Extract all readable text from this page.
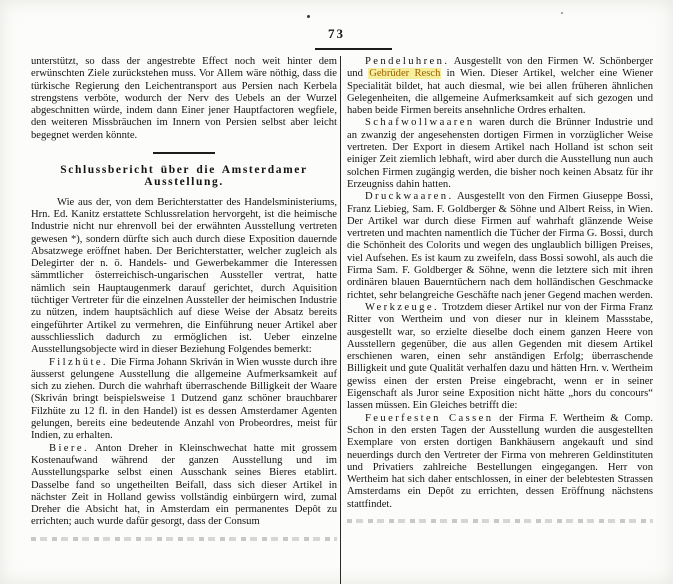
73

unterstützt, so dass der angestrebte Effect noch weit hinter dem erwünschten Ziele zurückstehen muss. Vor Allem wäre nöthig, dass die türkische Regierung den Leichentransport aus Persien nach Kerbela strengstens verböte, wodurch der Nerv des Uebels an der Wurzel abgeschnitten würde, indem dann Einer jener Hauptfactoren wegfiele, den weiteren Missbräuchen im Innern von Persien selbst aber leicht begegnet werden könnte.

Schlussbericht über die Amsterdamer Ausstellung.

Wie aus der, von dem Berichterstatter des Handelsministeriums, Hrn. Ed. Kanitz erstattete Schlussrelation hervorgeht, ist die heimische Industrie nicht nur ehrenvoll bei der erwähnten Ausstellung vertreten gewesen *), sondern dürfte sich auch durch diese Exposition dauernde Absatzwege eröffnet haben. Der Berichterstatter, welcher zugleich als Delegirter der n. ö. Handels- und Gewerbekammer die Interessen sämmtlicher österreichisch-ungarischen Aussteller vertrat, hatte nämlich sein Hauptaugenmerk darauf gerichtet, durch Aquisition tüchtiger Vertreter für die einzelnen Aussteller der heimischen Industrie zu nützen, indem hauptsächlich auf diese Weise der Absatz bereits eingeführter Artikel zu vermehren, die Einführung neuer Artikel aber ausschliesslich dadurch zu ermöglichen ist. Ueber einzelne Ausstellungsobjecte wird in dieser Beziehung Folgendes bemerkt:

Filzhüte. Die Firma Johann Skriván in Wien wusste durch ihre äusserst gelungene Ausstellung die allgemeine Aufmerksamkeit auf sich zu ziehen. Durch die wahrhaft überraschende Billigkeit der Waare (Skriván bringt beispielsweise 1 Dutzend ganz schöner brauchbarer Filzhüte zu 12 fl. in den Handel) ist es dessen Amsterdamer Agenten gelungen, bereits eine bedeutende Anzahl von Probeordres, meist für Indien, zu erhalten.

Biere. Anton Dreher in Kleinschwechat hatte mit grossem Kostenaufwand während der ganzen Ausstellung und im Ausstellungsparke selbst einen Ausschank seines Bieres etablirt. Dasselbe fand so ungetheilten Beifall, dass sich dieser Artikel in nächster Zeit in Holland gewiss vollständig einbürgern wird, zumal Dreher die Absicht hat, in Amsterdam ein permanentes Depôt zu errichten; auch wurde dafür gesorgt, dass der Consum

Pendeluhren. Ausgestellt von den Firmen W. Schönberger und Gebrüder Resch in Wien. Dieser Artikel, welcher eine Wiener Specialität bildet, hat auch diesmal, wie bei allen früheren ähnlichen Gelegenheiten, die allgemeine Aufmerksamkeit auf sich gezogen und haben beide Firmen bereits ansehnliche Ordres erhalten.

Schafwollwaaren waren durch die Brünner Industrie und an zwanzig der angesehensten dortigen Firmen in vorzüglicher Weise vertreten. Der Export in diesem Artikel nach Holland ist schon seit einiger Zeit ziemlich lebhaft, wird aber durch die Ausstellung nun auch solchen Firmen zugängig werden, die bisher noch keinen Absatz für ihr Erzeugniss dahin hatten.

Druckwaaren. Ausgestellt von den Firmen Giuseppe Bossi, Franz Liebieg, Sam. F. Goldberger & Söhne und Albert Reiss, in Wien. Der Artikel war durch diese Firmen auf wahrhaft glänzende Weise vertreten und machten namentlich die Tücher der Firma G. Bossi, durch die Schönheit des Colorits und wegen des unglaublich billigen Preises, viel Aufsehen. Es ist kaum zu zweifeln, dass Bossi sowohl, als auch die Firma Sam. F. Goldberger & Söhne, wenn die letztere sich mit ihren ordinären blauen Bauerntüchern nach dem holländischen Geschmacke richtet, sehr belangreiche Geschäfte nach jener Gegend machen werden.

Werkzeuge. Trotzdem dieser Artikel nur von der Firma Franz Ritter von Wertheim und von dieser nur in kleinem Massstabe, ausgestellt war, so erzielte dieselbe doch einem ganzen Heere von Ausstellern gegenüber, die aus allen Gegenden mit diesem Artikel erschienen waren, einen sehr anständigen Erfolg; überraschende Billigkeit und gute Qualität verhalfen dazu und hätten Hrn. v. Wertheim gewiss einen der ersten Preise eingebracht, wenn er in seiner Eigenschaft als Juror seine Exposition nicht hätte „hors du concours“ lassen müssen. Ein Gleiches betrifft die:

Feuerfesten Cassen der Firma F. Wertheim & Comp. Schon in den ersten Tagen der Ausstellung wurden die ausgestellten Exemplare von ersten dortigen Bankhäusern angekauft und sind neuerdings durch den Vertreter der Firma von mehreren Geldinstituten und Privatiers zahlreiche Bestellungen eingegangen. Herr von Wertheim hat sich daher entschlossen, in einer der belebtesten Strassen Amsterdams ein Depôt zu errichten, dessen Eröffnung nächstens stattfindet.
